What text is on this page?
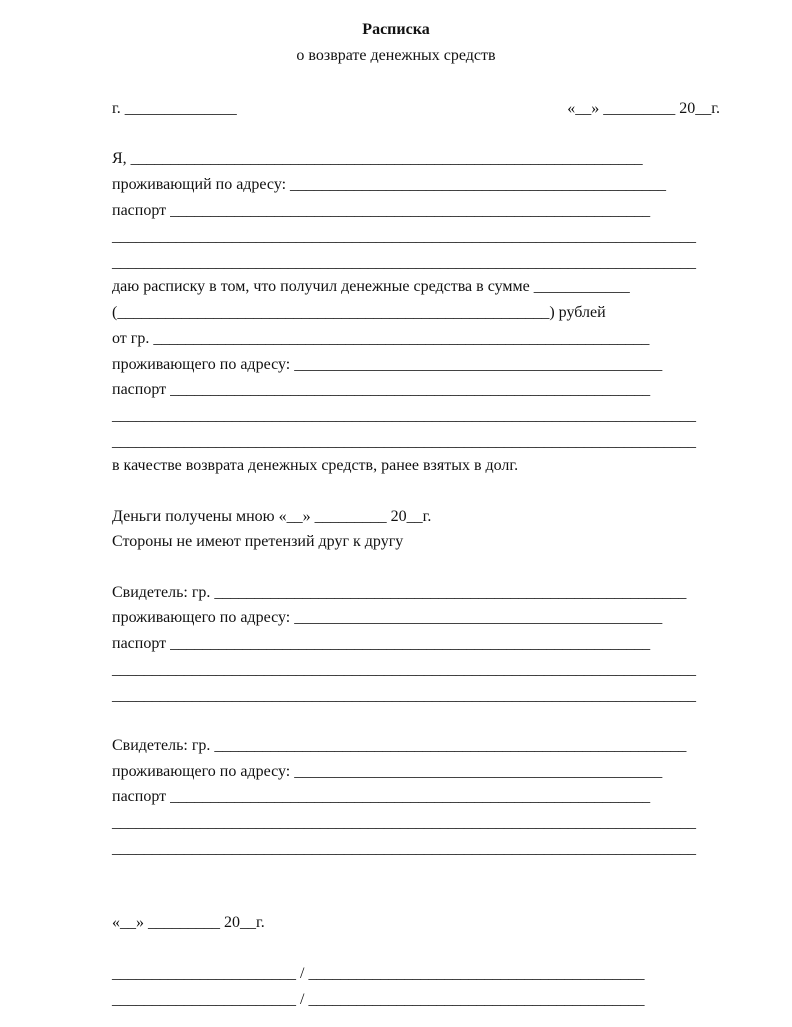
Расписка
о возврате денежных средств
г. ______________	«__» _________ 20__г.
Я, ________________________________________________________________
проживающий по адресу: _______________________________________________
паспорт ____________________________________________________________
_________________________________________________________________________
_________________________________________________________________________
даю расписку в том, что получил денежные средства в сумме ____________
(______________________________________________________) рублей
от гр. ______________________________________________________________
проживающего по адресу: ______________________________________________
паспорт ____________________________________________________________
_________________________________________________________________________
_________________________________________________________________________
в качестве возврата денежных средств, ранее взятых в долг.
Деньги получены мною «__» _________ 20__г.
Стороны не имеют претензий друг к другу
Свидетель: гр. ___________________________________________________________
проживающего по адресу: ______________________________________________
паспорт ____________________________________________________________
_________________________________________________________________________
_________________________________________________________________________
Свидетель: гр. ___________________________________________________________
проживающего по адресу: ______________________________________________
паспорт ____________________________________________________________
_________________________________________________________________________
_________________________________________________________________________
«__» _________ 20__г.
_______________________ / __________________________________________
_______________________ / __________________________________________
